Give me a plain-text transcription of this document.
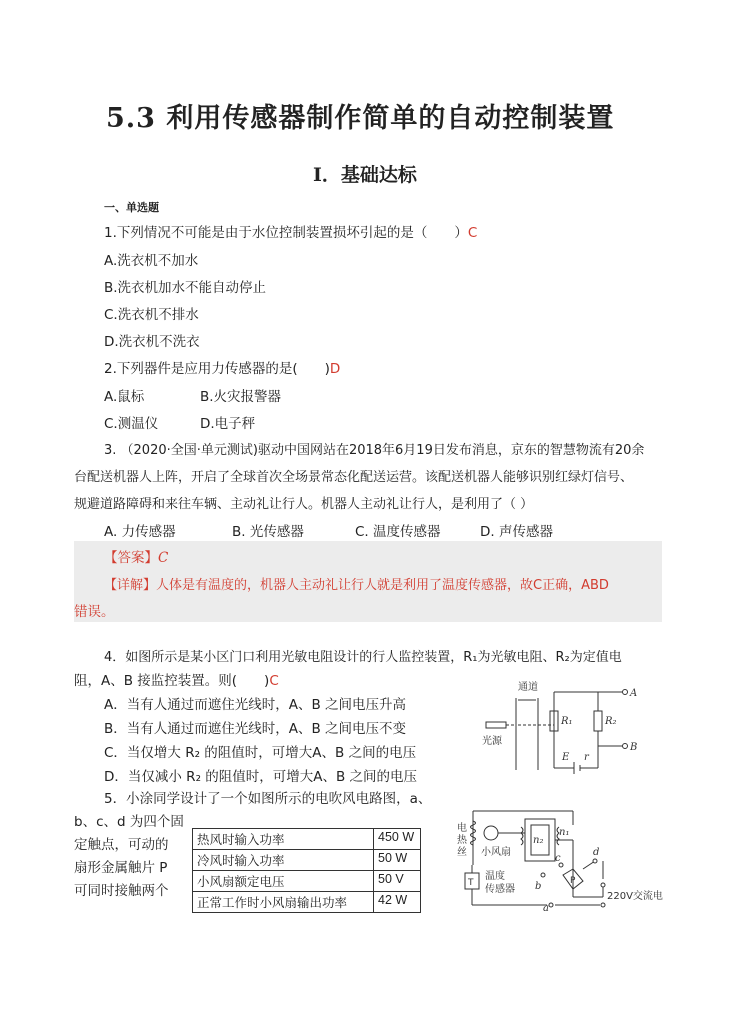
5.3 利用传感器制作简单的自动控制装置
Ⅰ．基础达标
一、单选题
1.下列情况不可能是由于水位控制装置损坏引起的是（　　）C
A.洗衣机不加水
B.洗衣机加水不能自动停止
C.洗衣机不排水
D.洗衣机不洗衣
2.下列器件是应用力传感器的是(　　)D
A.鼠标	B.火灾报警器
C.测温仪	D.电子秤
3. （2020·全国·单元测试)驱动中国网站在2018年6月19日发布消息，京东的智慧物流有20余
台配送机器人上阵，开启了全球首次全场景常态化配送运营。该配送机器人能够识别红绿灯信号、
规避道路障碍和来往车辆、主动礼让行人。机器人主动礼让行人，是利用了（ ）
A. 力传感器	B. 光传感器	C. 温度传感器	D. 声传感器
【答案】C
【详解】人体是有温度的，机器人主动礼让行人就是利用了温度传感器，故C正确，ABD
错误。
4．如图所示是某小区门口利用光敏电阻设计的行人监控装置，R₁为光敏电阻、R₂为定值电
阻，A、B 接监控装置。则(　　)C
A．当有人通过而遮住光线时，A、B 之间电压升高
B．当有人通过而遮住光线时，A、B 之间电压不变
C．当仅增大 R₂ 的阻值时，可增大A、B 之间的电压
D．当仅减小 R₂ 的阻值时，可增大A、B 之间的电压
通道
光源
R₁	R₂
A
B
E r
5．小涂同学设计了一个如图所示的电吹风电路图，a、
b、c、d 为四个固
定触点，可动的
扇形金属触片 P
可同时接触两个
热风时输入功率	450 W
冷风时输入功率	50 W
小风扇额定电压	50 V
正常工作时小风扇输出功率	42 W
电
热
丝 小风扇
n₂
n₁
T
温度
传感器 b
c
d
a
P
220V交流电
